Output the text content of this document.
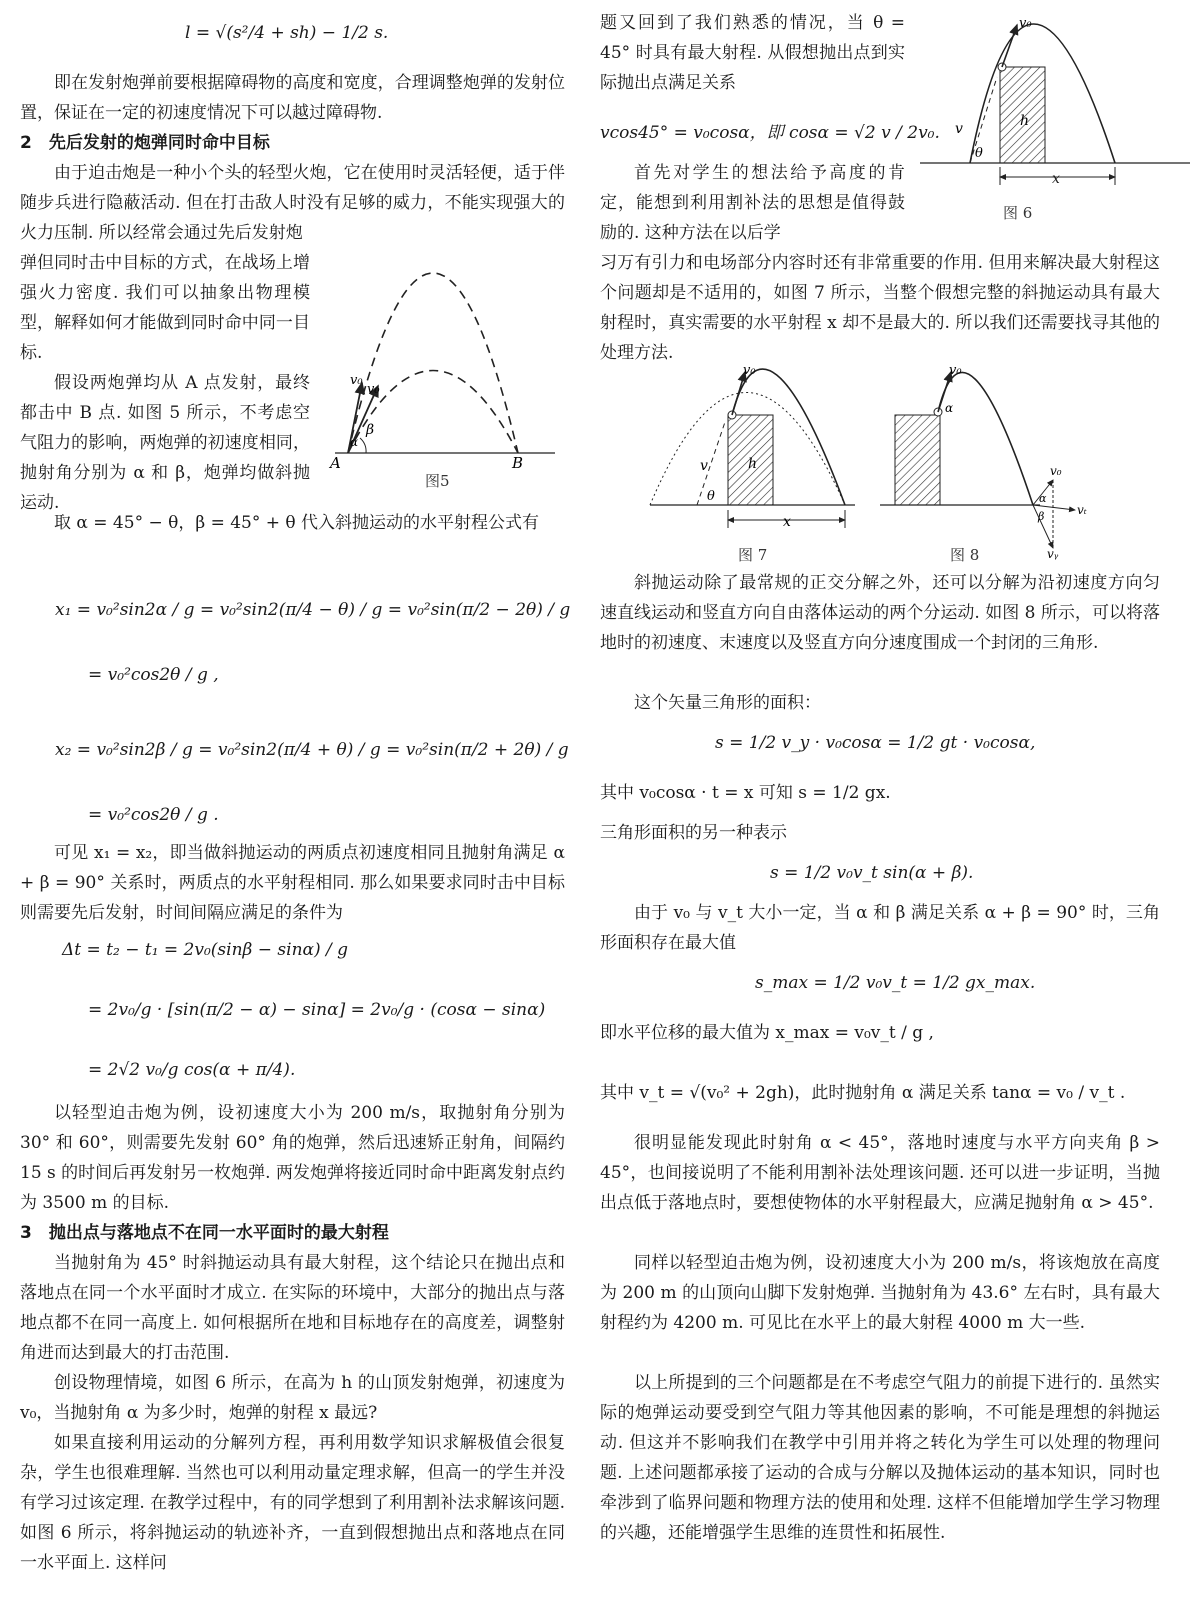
l = √(s²/4 + sh) − 1/2 s.
即在发射炮弹前要根据障碍物的高度和宽度，合理调整炮弹的发射位置，保证在一定的初速度情况下可以越过障碍物.
2　先后发射的炮弹同时命中目标
由于迫击炮是一种小个头的轻型火炮，它在使用时灵活轻便，适于伴随步兵进行隐蔽活动. 但在打击敌人时没有足够的威力，不能实现强大的火力压制. 所以经常会通过先后发射炮
弹但同时击中目标的方式，在战场上增强火力密度. 我们可以抽象出物理模型，解释如何才能做到同时命中同一目标.
假设两炮弹均从 A 点发射，最终都击中 B 点. 如图 5 所示，不考虑空气阻力的影响，两炮弹的初速度相同，抛射角分别为 α 和 β，炮弹均做斜抛运动.
A	B
v₀
v₀
β
α
图5
取 α = 45° − θ，β = 45° + θ 代入斜抛运动的水平射程公式有
x₁ = v₀²sin2α / g = v₀²sin2(π/4 − θ) / g = v₀²sin(π/2 − 2θ) / g
= v₀²cos2θ / g ,
x₂ = v₀²sin2β / g = v₀²sin2(π/4 + θ) / g = v₀²sin(π/2 + 2θ) / g
= v₀²cos2θ / g .
可见 x₁ = x₂，即当做斜抛运动的两质点初速度相同且抛射角满足 α + β = 90° 关系时，两质点的水平射程相同. 那么如果要求同时击中目标则需要先后发射，时间间隔应满足的条件为
Δt = t₂ − t₁ = 2v₀(sinβ − sinα) / g
= 2v₀/g · [sin(π/2 − α) − sinα] = 2v₀/g · (cosα − sinα)
= 2√2 v₀/g cos(α + π/4).
以轻型迫击炮为例，设初速度大小为 200 m/s，取抛射角分别为 30° 和 60°，则需要先发射 60° 角的炮弹，然后迅速矫正射角，间隔约 15 s 的时间后再发射另一枚炮弹. 两发炮弹将接近同时命中距离发射点约为 3500 m 的目标.
3　抛出点与落地点不在同一水平面时的最大射程
当抛射角为 45° 时斜抛运动具有最大射程，这个结论只在抛出点和落地点在同一个水平面时才成立. 在实际的环境中，大部分的抛出点与落地点都不在同一高度上. 如何根据所在地和目标地存在的高度差，调整射角进而达到最大的打击范围.
创设物理情境，如图 6 所示，在高为 h 的山顶发射炮弹，初速度为 v₀，当抛射角 α 为多少时，炮弹的射程 x 最远?
如果直接利用运动的分解列方程，再利用数学知识求解极值会很复杂，学生也很难理解. 当然也可以利用动量定理求解，但高一的学生并没有学习过该定理. 在教学过程中，有的同学想到了利用割补法求解该问题. 如图 6 所示，将斜抛运动的轨迹补齐，一直到假想抛出点和落地点在同一水平面上. 这样问
题又回到了我们熟悉的情况，当 θ = 45° 时具有最大射程. 从假想抛出点到实际抛出点满足关系
vcos45° = v₀cosα，即 cosα = √2 v / 2v₀.
首先对学生的想法给予高度的肯定，能想到利用割补法的思想是值得鼓励的. 这种方法在以后学
v₀
v
θ
h
x
图 6
习万有引力和电场部分内容时还有非常重要的作用. 但用来解决最大射程这个问题却是不适用的，如图 7 所示，当整个假想完整的斜抛运动具有最大射程时，真实需要的水平射程 x 却不是最大的. 所以我们还需要找寻其他的处理方法.
v₀
v
θ
h
x
图 7
v₀
α
v₀
vₜ
vᵧ
α
β
图 8
斜抛运动除了最常规的正交分解之外，还可以分解为沿初速度方向匀速直线运动和竖直方向自由落体运动的两个分运动. 如图 8 所示，可以将落地时的初速度、末速度以及竖直方向分速度围成一个封闭的三角形.
这个矢量三角形的面积：
s = 1/2 v_y · v₀cosα = 1/2 gt · v₀cosα,
其中 v₀cosα · t = x 可知 s = 1/2 gx.
三角形面积的另一种表示
s = 1/2 v₀v_t sin(α + β).
由于 v₀ 与 v_t 大小一定，当 α 和 β 满足关系 α + β = 90° 时，三角形面积存在最大值
s_max = 1/2 v₀v_t = 1/2 gx_max.
即水平位移的最大值为 x_max = v₀v_t / g ,
其中 v_t = √(v₀² + 2gh)，此时抛射角 α 满足关系 tanα = v₀ / v_t .
很明显能发现此时射角 α < 45°，落地时速度与水平方向夹角 β > 45°，也间接说明了不能利用割补法处理该问题. 还可以进一步证明，当抛出点低于落地点时，要想使物体的水平射程最大，应满足抛射角 α > 45°.
同样以轻型迫击炮为例，设初速度大小为 200 m/s，将该炮放在高度为 200 m 的山顶向山脚下发射炮弹. 当抛射角为 43.6° 左右时，具有最大射程约为 4200 m. 可见比在水平上的最大射程 4000 m 大一些.
以上所提到的三个问题都是在不考虑空气阻力的前提下进行的. 虽然实际的炮弹运动要受到空气阻力等其他因素的影响，不可能是理想的斜抛运动. 但这并不影响我们在教学中引用并将之转化为学生可以处理的物理问题. 上述问题都承接了运动的合成与分解以及抛体运动的基本知识，同时也牵涉到了临界问题和物理方法的使用和处理. 这样不但能增加学生学习物理的兴趣，还能增强学生思维的连贯性和拓展性.
